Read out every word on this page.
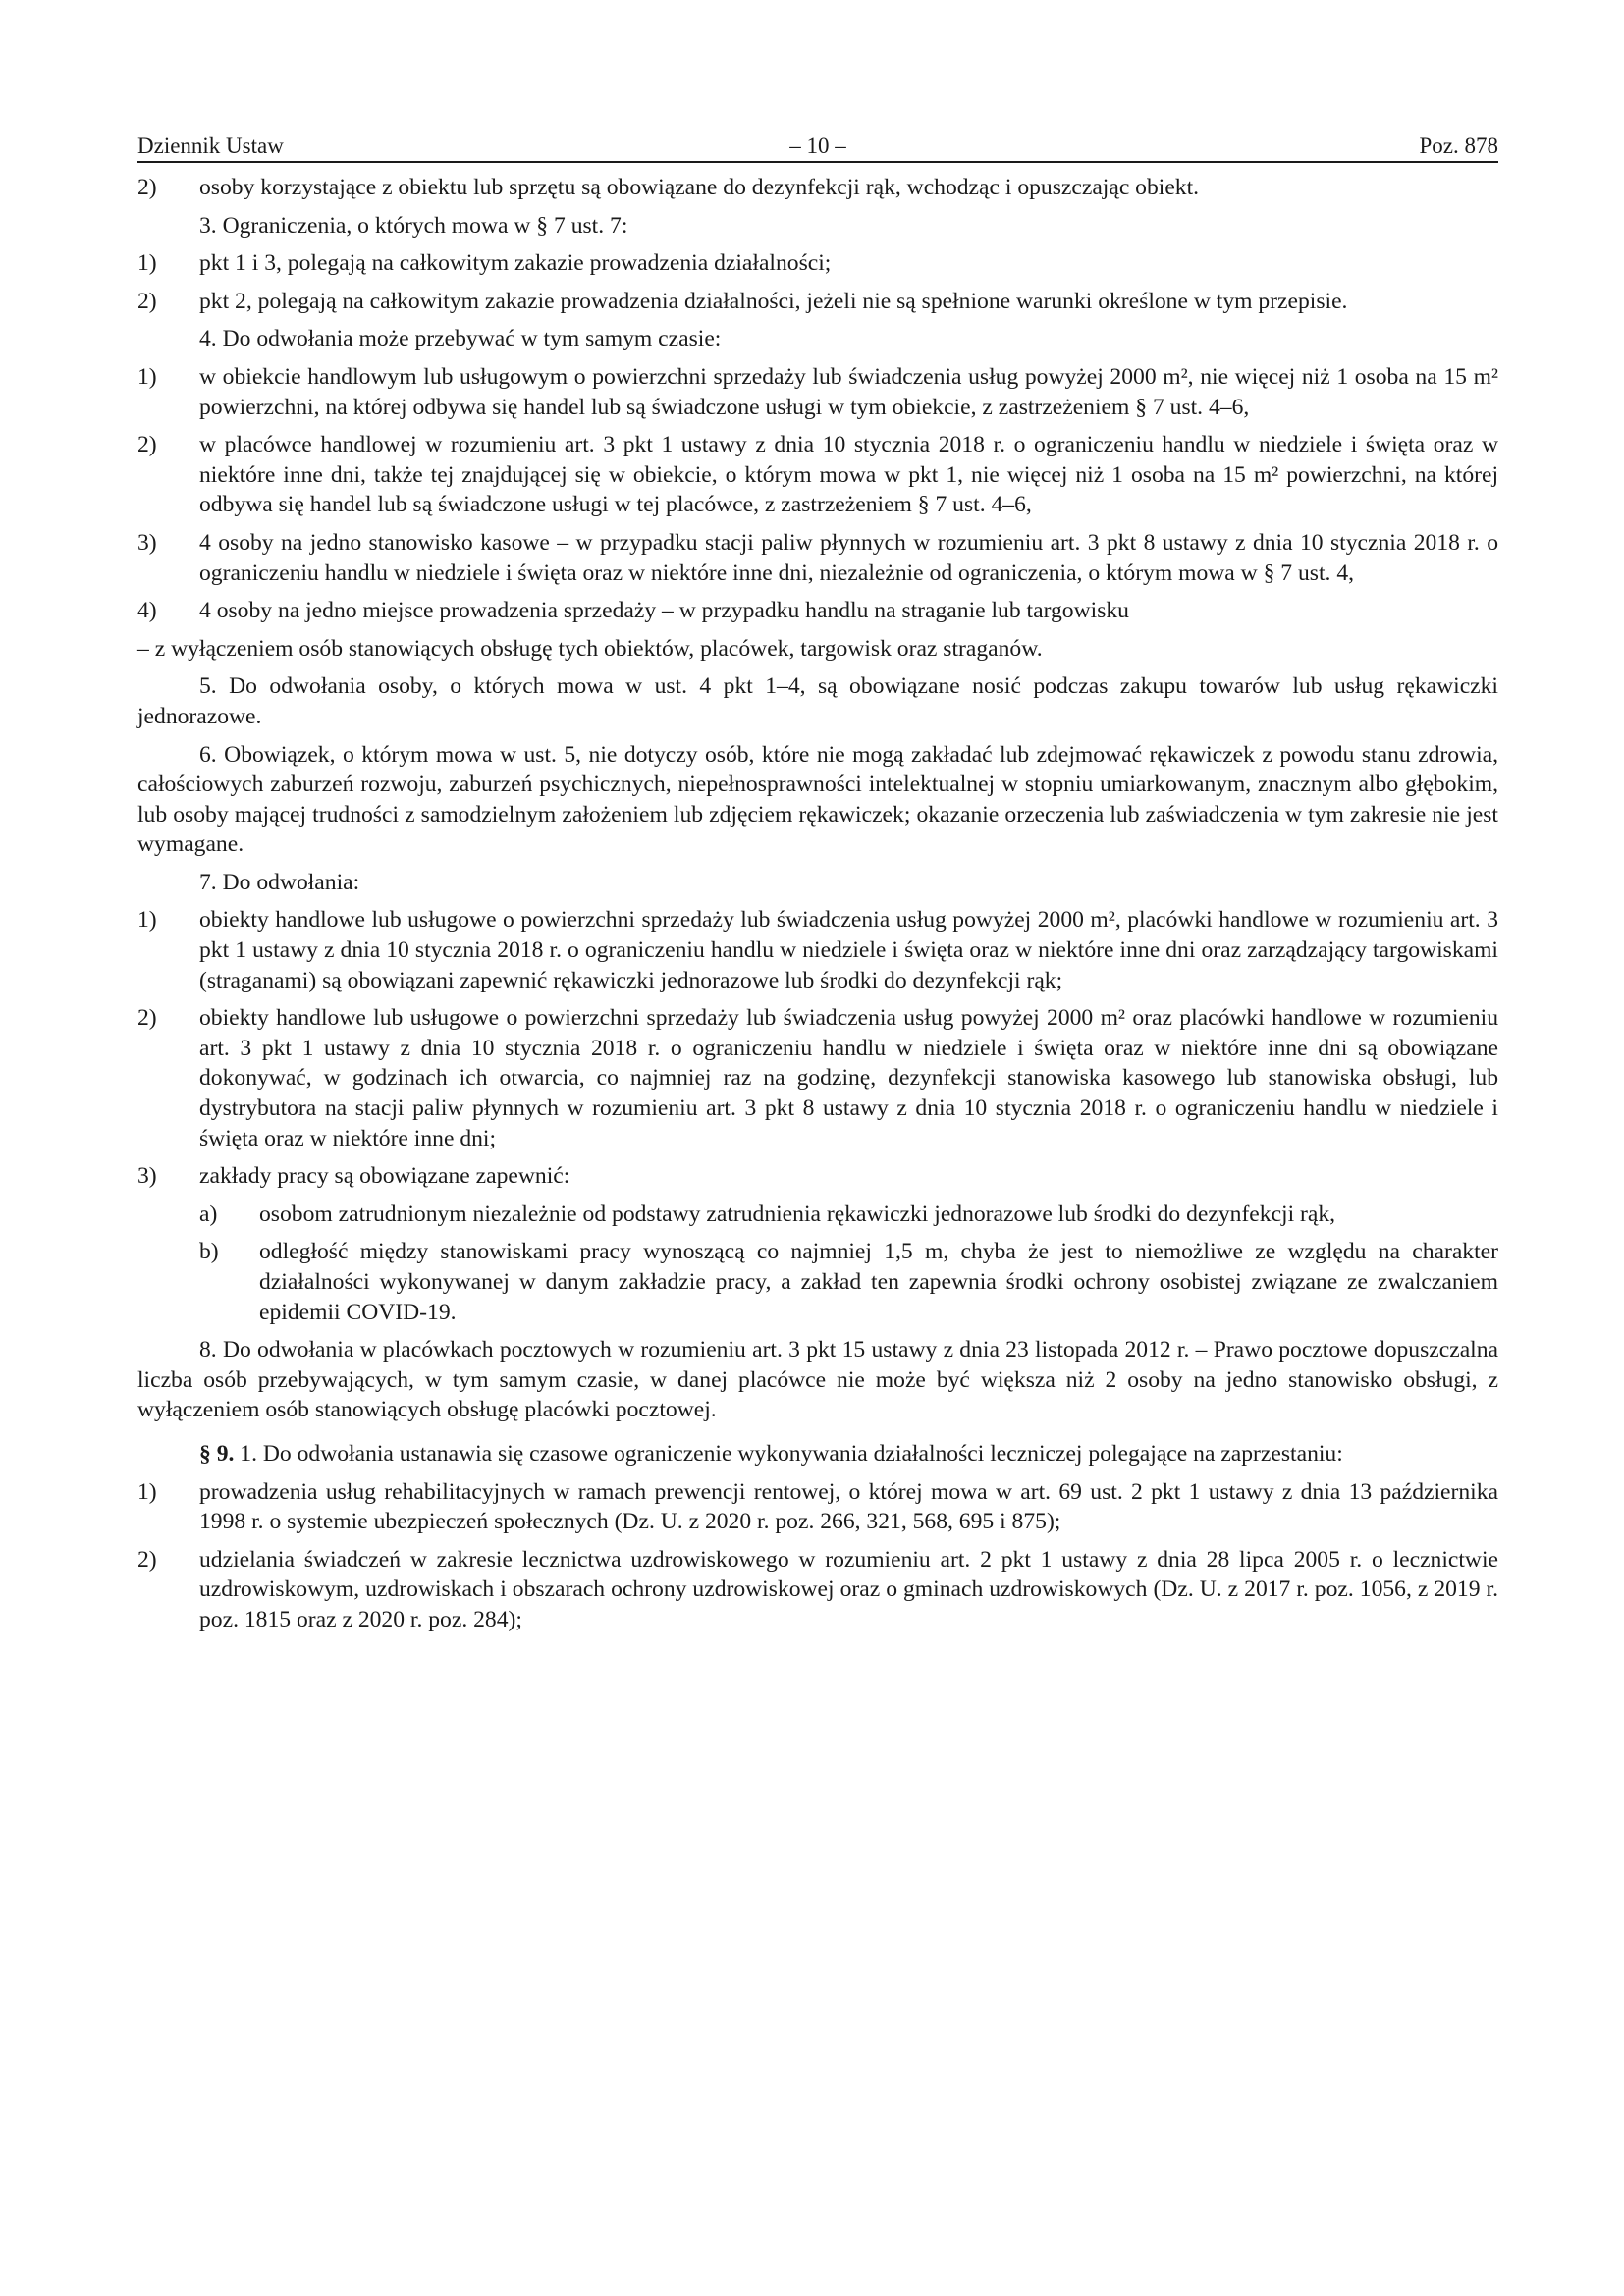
Dziennik Ustaw	– 10 –	Poz. 878
2)	osoby korzystające z obiektu lub sprzętu są obowiązane do dezynfekcji rąk, wchodząc i opuszczając obiekt.
3. Ograniczenia, o których mowa w § 7 ust. 7:
1)	pkt 1 i 3, polegają na całkowitym zakazie prowadzenia działalności;
2)	pkt 2, polegają na całkowitym zakazie prowadzenia działalności, jeżeli nie są spełnione warunki określone w tym przepisie.
4. Do odwołania może przebywać w tym samym czasie:
1)	w obiekcie handlowym lub usługowym o powierzchni sprzedaży lub świadczenia usług powyżej 2000 m², nie więcej niż 1 osoba na 15 m² powierzchni, na której odbywa się handel lub są świadczone usługi w tym obiekcie, z zastrzeżeniem § 7 ust. 4–6,
2)	w placówce handlowej w rozumieniu art. 3 pkt 1 ustawy z dnia 10 stycznia 2018 r. o ograniczeniu handlu w niedziele i święta oraz w niektóre inne dni, także tej znajdującej się w obiekcie, o którym mowa w pkt 1, nie więcej niż 1 osoba na 15 m² powierzchni, na której odbywa się handel lub są świadczone usługi w tej placówce, z zastrzeżeniem § 7 ust. 4–6,
3)	4 osoby na jedno stanowisko kasowe – w przypadku stacji paliw płynnych w rozumieniu art. 3 pkt 8 ustawy z dnia 10 stycznia 2018 r. o ograniczeniu handlu w niedziele i święta oraz w niektóre inne dni, niezależnie od ograniczenia, o którym mowa w § 7 ust. 4,
4)	4 osoby na jedno miejsce prowadzenia sprzedaży – w przypadku handlu na straganie lub targowisku
– z wyłączeniem osób stanowiących obsługę tych obiektów, placówek, targowisk oraz straganów.
5. Do odwołania osoby, o których mowa w ust. 4 pkt 1–4, są obowiązane nosić podczas zakupu towarów lub usług rękawiczki jednorazowe.
6. Obowiązek, o którym mowa w ust. 5, nie dotyczy osób, które nie mogą zakładać lub zdejmować rękawiczek z powodu stanu zdrowia, całościowych zaburzeń rozwoju, zaburzeń psychicznych, niepełnosprawności intelektualnej w stopniu umiarkowanym, znacznym albo głębokim, lub osoby mającej trudności z samodzielnym założeniem lub zdjęciem rękawiczek; okazanie orzeczenia lub zaświadczenia w tym zakresie nie jest wymagane.
7. Do odwołania:
1)	obiekty handlowe lub usługowe o powierzchni sprzedaży lub świadczenia usług powyżej 2000 m², placówki handlowe w rozumieniu art. 3 pkt 1 ustawy z dnia 10 stycznia 2018 r. o ograniczeniu handlu w niedziele i święta oraz w niektóre inne dni oraz zarządzający targowiskami (straganami) są obowiązani zapewnić rękawiczki jednorazowe lub środki do dezynfekcji rąk;
2)	obiekty handlowe lub usługowe o powierzchni sprzedaży lub świadczenia usług powyżej 2000 m² oraz placówki handlowe w rozumieniu art. 3 pkt 1 ustawy z dnia 10 stycznia 2018 r. o ograniczeniu handlu w niedziele i święta oraz w niektóre inne dni są obowiązane dokonywać, w godzinach ich otwarcia, co najmniej raz na godzinę, dezynfekcji stanowiska kasowego lub stanowiska obsługi, lub dystrybutora na stacji paliw płynnych w rozumieniu art. 3 pkt 8 ustawy z dnia 10 stycznia 2018 r. o ograniczeniu handlu w niedziele i święta oraz w niektóre inne dni;
3)	zakłady pracy są obowiązane zapewnić:
a)	osobom zatrudnionym niezależnie od podstawy zatrudnienia rękawiczki jednorazowe lub środki do dezynfekcji rąk,
b)	odległość między stanowiskami pracy wynoszącą co najmniej 1,5 m, chyba że jest to niemożliwe ze względu na charakter działalności wykonywanej w danym zakładzie pracy, a zakład ten zapewnia środki ochrony osobistej związane ze zwalczaniem epidemii COVID-19.
8. Do odwołania w placówkach pocztowych w rozumieniu art. 3 pkt 15 ustawy z dnia 23 listopada 2012 r. – Prawo pocztowe dopuszczalna liczba osób przebywających, w tym samym czasie, w danej placówce nie może być większa niż 2 osoby na jedno stanowisko obsługi, z wyłączeniem osób stanowiących obsługę placówki pocztowej.
§ 9. 1. Do odwołania ustanawia się czasowe ograniczenie wykonywania działalności leczniczej polegające na zaprzestaniu:
1)	prowadzenia usług rehabilitacyjnych w ramach prewencji rentowej, o której mowa w art. 69 ust. 2 pkt 1 ustawy z dnia 13 października 1998 r. o systemie ubezpieczeń społecznych (Dz. U. z 2020 r. poz. 266, 321, 568, 695 i 875);
2)	udzielania świadczeń w zakresie lecznictwa uzdrowiskowego w rozumieniu art. 2 pkt 1 ustawy z dnia 28 lipca 2005 r. o lecznictwie uzdrowiskowym, uzdrowiskach i obszarach ochrony uzdrowiskowej oraz o gminach uzdrowiskowych (Dz. U. z 2017 r. poz. 1056, z 2019 r. poz. 1815 oraz z 2020 r. poz. 284);
